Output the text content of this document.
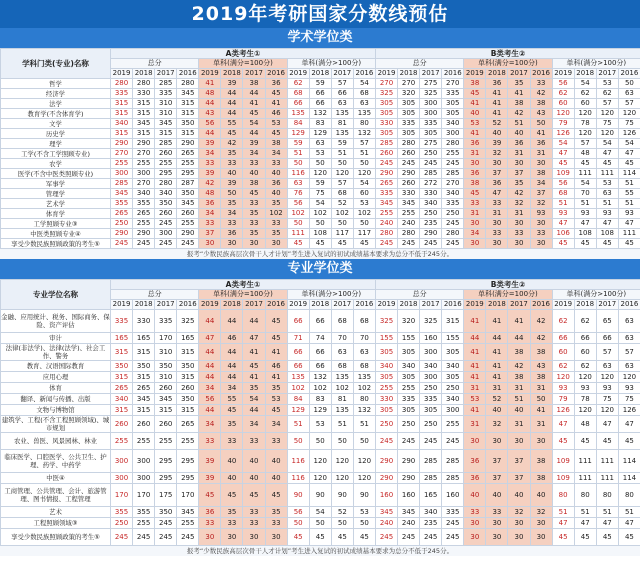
2019年考研国家分数线预估
学术学位类
学科门类(专业)名称	A类考生①												B类考生②											
	总分				单科(满分=100分)				单科(满分>100分)				总分				单科(满分=100分)				单科(满分>100分)			
	2019	2018	2017	2016	2019	2018	2017	2016	2019	2018	2017	2016	2019	2018	2017	2016	2019	2018	2017	2016	2019	2018	2017	2016
哲学	280	280	285	280	41	39	38	36	62	59	57	54	270	270	275	270	38	36	35	33	56	54	53	50
经济学	335	330	335	345	48	44	44	45	68	66	66	68	325	320	325	335	45	41	41	42	62	62	62	63
法学	315	315	310	315	44	44	41	41	66	66	63	63	305	305	300	305	41	41	38	38	60	60	57	57
教育学(不含体育学)	315	315	310	315	43	44	45	46	135	132	135	135	305	305	300	305	40	41	42	43	120	120	120	120
文学	340	345	345	350	56	55	54	53	84	83	81	80	330	335	335	340	53	52	51	50	79	78	75	75
历史学	315	315	315	315	44	45	44	45	129	129	135	132	305	305	305	300	41	40	40	41	126	120	120	126
理学	290	290	285	290	39	42	39	38	59	63	59	57	285	280	275	280	36	39	36	36	54	57	54	54
工学(不含工学照顾专业)	270	270	260	265	34	35	34	34	51	53	51	51	260	260	250	255	31	32	31	31	47	48	47	47
农学	255	255	255	255	33	33	33	33	50	50	50	50	245	245	245	245	30	30	30	30	45	45	45	45
医学(不含中医类照顾专业)	300	300	295	295	39	40	40	40	116	120	120	120	290	290	285	285	36	37	37	38	109	111	111	114
军事学	285	270	280	287	42	39	38	36	63	59	57	54	265	260	272	270	38	36	35	34	56	54	53	51
管理学	345	340	340	350	48	50	45	40	76	75	68	60	335	330	330	340	45	47	42	37	68	70	63	55
艺术学	355	355	350	345	36	35	33	35	56	54	52	53	345	345	340	335	33	33	32	32	51	51	51	51
体育学	265	265	260	260	34	34	35	102	102	102	102	102	255	255	250	250	31	31	31	93	93	93	93	93
工学照顾专业③	250	255	245	255	33	33	33	33	50	50	50	50	240	240	235	245	30	30	30	30	47	47	47	47
中医类照顾专业④	290	290	300	290	37	36	35	35	111	108	117	117	280	280	290	280	34	33	33	33	106	108	108	111
享受少数民族照顾政策的考生⑤	245	245	245	245	30	30	30	30	45	45	45	45	245	245	245	245	30	30	30	30	45	45	45	45
报考“少数民族高层次骨干人才计划”考生进入复试的初试成绩基本要求为总分不低于245分。
专业学位类
专业学位名称	A类考生①												B类考生②											
	总分				单科(满分=100分)				单科(满分>100分)				总分				单科(满分=100分)				单科(满分>100分)			
	2019	2018	2017	2016	2019	2018	2017	2016	2019	2018	2017	2016	2019	2018	2017	2016	2019	2018	2017	2016	2019	2018	2017	2016
金融、应用统计、税务、国际商务、保险、资产评估	335	330	335	325	44	44	44	45	66	66	68	68	325	320	325	315	41	41	41	42	62	62	65	63
审计	165	165	170	165	47	46	47	45	71	74	70	70	155	155	160	155	44	44	44	42	66	66	66	63
法律(非法学)、法律(法学)、社会工作、警务	315	315	310	315	44	44	41	41	66	66	63	63	305	305	300	305	41	41	38	38	60	60	57	57
教育、汉语国际教育	350	350	350	350	44	44	45	46	66	66	68	68	340	340	340	340	41	41	42	43	62	62	63	63
应用心理	315	315	310	315	44	44	41	41	135	132	135	135	305	305	300	305	41	41	38	38	120	120	120	120
体育	265	265	260	260	34	34	35	35	102	102	102	102	255	255	250	250	31	31	31	31	93	93	93	93
翻译、新闻与传播、出版	340	345	345	350	56	55	54	53	84	83	81	80	330	335	335	340	53	52	51	50	79	78	75	75
文物与博物馆	315	315	315	315	44	45	44	45	129	129	135	132	305	305	305	300	41	40	40	41	126	120	120	126
建筑学、工程(不含工程照顾领域)、城市规划	260	260	260	265	34	35	34	34	51	53	51	51	250	250	250	255	31	32	31	31	47	48	47	47
农业、兽医、风景园林、林业	255	255	255	255	33	33	33	33	50	50	50	50	245	245	245	245	30	30	30	30	45	45	45	45
临床医学、口腔医学、公共卫生、护理、药学、中药学	300	300	295	295	39	40	40	40	116	120	120	120	290	290	285	285	36	37	37	38	109	111	111	114
中医④	300	300	295	295	39	40	40	40	116	120	120	120	290	290	285	285	36	37	37	38	109	111	111	114
工商管理、公共管理、会计、旅游管理、图书情报、工程管理	170	170	175	170	45	45	45	45	90	90	90	90	160	160	165	160	40	40	40	40	80	80	80	80
艺术	355	355	350	345	36	35	33	35	56	54	52	53	345	345	340	335	33	33	32	32	51	51	51	51
工程照顾领域③	250	255	245	255	33	33	33	33	50	50	50	50	240	240	235	245	30	30	30	30	47	47	47	47
享受少数民族照顾政策的考生⑤	245	245	245	245	30	30	30	30	45	45	45	45	245	245	245	245	30	30	30	30	45	45	45	45
报考“少数民族高层次骨干人才计划”考生进入复试的初试成绩基本要求为总分不低于245分。
